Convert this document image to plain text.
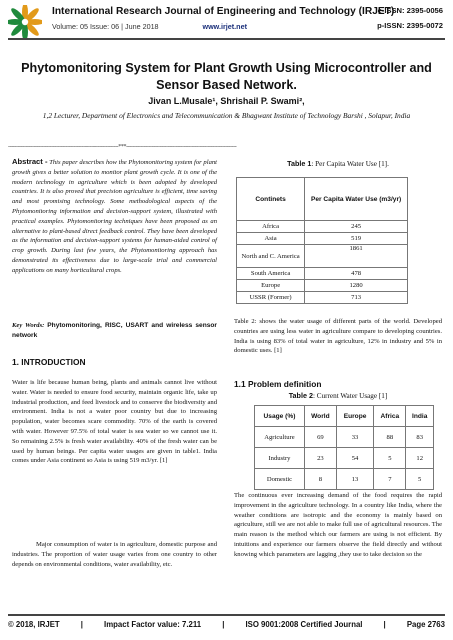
International Research Journal of Engineering and Technology (IRJET)
Volume: 05 Issue: 06 | June 2018	www.irjet.net
e-ISSN: 2395-0056
p-ISSN: 2395-0072
Phytomonitoring System for Plant Growth Using Microcontroller and Sensor Based Network.
Jivan L.Musale¹, Shrishail P. Swami²,
1,2 Lecturer, Department of Electronics and Telecommunication & Bhagwant Institute of Technology Barshi , Solapur, India
---------------------------------------------------------------------***---------------------------------------------------------------------
Abstract - This paper describes how the Phytomonitoring system for plant growth gives a better solution to monitor plant growth cycle. It is one of the modern technology in agriculture which is been adopted by developed countries. It is also proved that precision agriculture is efficient, time saving and most promising technology. Some methodological aspects of the Phytomonitoring information and decision-support system, illustrated with practical examples. Phytomonitoring techniques have been proposed as an alternative to plant-based direct feedback control. They have been developed as the information and decision-support systems for human-aided control of crop growth. During last few years, the Phytomonitoring approach has demonstrated its effectiveness due to large-scale trial and commercial applications on many horticultural crops.
Key Words: Phytomonitoring, RISC, USART and wireless sensor network
1. INTRODUCTION
Water is life because human being, plants and animals cannot live without water. Water is needed to ensure food security, maintain organic life, take up industrial production, and feed livestock and to conserve the biodiversity and environment. India is not a water poor country but due to increasing population, water becomes scare commodity. 70% of the earth is covered with water. However 97.5% of total water is sea water so we cannot use it. So remaining 2.5% is fresh water availability. 40% of the fresh water can be used by human beings. Per capita water usages are given in table1. India comes under Asia continent so Asia is using 519 m3/yr. [1]
Major consumption of water is in agriculture, domestic purpose and industries. The proportion of water usage varies from one country to other depends on environmental conditions, water availability, etc.
Table 1: Per Capita Water Use [1].
Continets	Per Capita Water Use (m3/yr)
Africa	245
Asia	519
North and C. America	1861
South America	478
Europe	1280
USSR (Former)	713
Table 2: shows the water usage of different parts of the world. Developed countries are using less water in agriculture compare to developing countries. India is using 83% of total water in agriculture, 12% in industry and 5% in domestic uses. [1]
1.1 Problem definition
Table 2: Current Water Usage [1]
Usage (%)	World	Europe	Africa	India
Agriculture	69	33	88	83
Industry	23	54	5	12
Domestic	8	13	7	5
The continuous ever increasing demand of the food requires the rapid improvement in the agriculture technology. In a country like India, where the weather conditions are isotropic and the economy is mainly based on agriculture, still we are not able to make full use of agricultural resources. The main reason is the method which our farmers are using is not efficient. By intuitions and experience our farmers observe the field directly and without knowing which parameters are lagging ,they use to take decision so the
© 2018, IRJET	|	Impact Factor value: 7.211	|	ISO 9001:2008 Certified Journal	|	Page 2763
